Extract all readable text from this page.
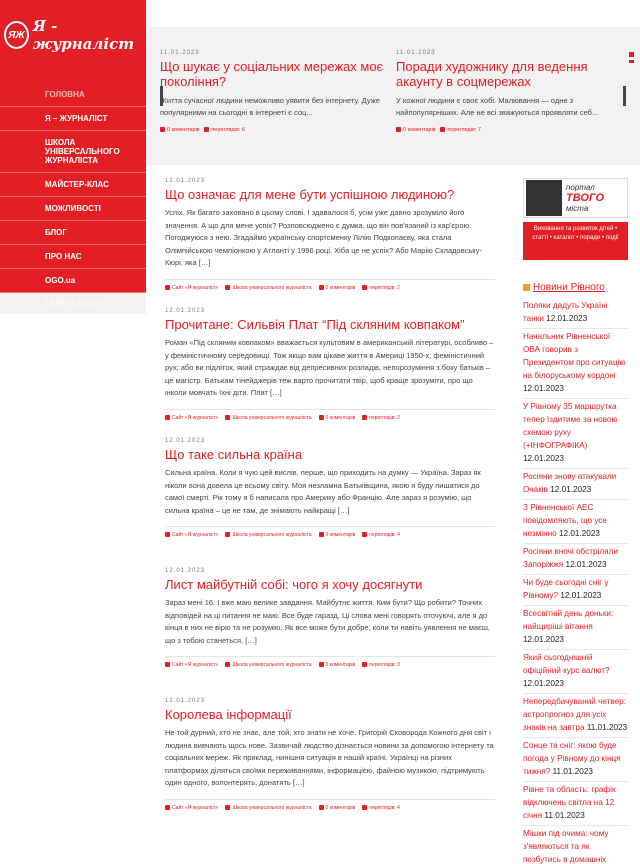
ЯЖ Я - журналіст
ГОЛОВНА
Я – ЖУРНАЛІСТ
ШКОЛА УНІВЕРСАЛЬНОГО ЖУРНАЛІСТА
МАЙСТЕР-КЛАС
МОЖЛИВОСТІ
БЛОГ
ПРО НАС
OGO.ua
ГАЗЕТА «ОГО»
11.01.2023
Що шукає у соціальних мережах моє покоління?
Життя сучасної людини неможливо уявити без інтернету. Дуже популярними на сьогодні в інтернеті є соц...
0 коментарів переглядів: 6
11.01.2023
Поради художнику для ведення акаунту в соцмережах
У кожної людини є своє хобі. Малювання — одне з найпопулярніших. Але не всі зважуються проявляти себ...
0 коментарів переглядів: 7
12.01.2023
Що означає для мене бути успішною людиною?
Успіх. Як багато заховано в цьому слові. І здавалося б, усім уже давно зрозуміло його значення. А що для мене успіх? Розповсюджено є думка, що він пов'язаний із кар'єрою. Погоджуюся з нею. Згадаймо українську спортсменку Лілію Подкопаєву, яка стала Олімпійською чемпіонкою у Атланті у 1996 році. Хіба це не успіх? Або Марію Складовську-Кюрі, яка […]
Сайт «Я журналіст»	Школа універсального журналіста	0 коментарів	переглядів: 2
12.01.2023
Прочитане: Сильвія Плат “Під скляним ковпаком”
Роман «Під скляним ковпаком» вважається культовим в американській літературі, особливо – у феміністичному середовищі. Тож якщо вам цікаве життя в Америці 1950-х, феміністичний рух; або ви підліток, який страждає від депресивних розладів, непорозуміння з боку батьків – це магістр. Батькам тінейджерів теж варто прочитати твір, щоб краще зрозуміти, про що інколи мовчать їхні діти. Плат […]
Сайт «Я журналіст»	Школа універсального журналіста	0 коментарів	переглядів: 2
12.01.2023
Що таке сильна країна
Сильна країна. Коли я чую цей вислів, перше, що приходить на думку — Україна. Зараз як ніколи вона довела це всьому світу. Моя незламна Батьківщина, якою я буду пишатися до самої смерті. Рік тому я б написала про Америку або Францію. Але зараз я розумію, що сильна країна – це не там, де знімають найкращі […]
Сайт «Я журналіст»	Школа універсального журналіста	0 коментарів	переглядів: 4
12.01.2023
Лист майбутній собі: чого я хочу досягнути
Зараз мені 16. І вже маю велике завдання. Майбутнє життя. Ким бути? Що робити? Точних відповідей на ці питання не маю. Все буде гаразд. Ці слова мені говорять оточуючі, але я до кінця в них не вірю та не розумію. Як все може бути добре, коли ти навіть уявлення не маєш, що з тобою станеться, […]
Сайт «Я журналіст»	Школа універсального журналіста	0 коментарів	переглядів: 3
12.01.2023
Королева інформації
Не той дурний, хто не знає, але той, хто знати не хоче. Григорій Сковорода Кожного дня світ і людина вивчають щось нове. Зазвичай людство дізнається новини за допомогою інтернету та соціальних мереж. Як приклад, нинішня ситуація в нашій країні. Українці на різних платформах діляться своїми переживаннями, інформацією, файною музикою, підтримують один одного, волонтерять, донатять […]
Сайт «Я журналіст»	Школа універсального журналіста	0 коментарів	переглядів: 4
портал
ТВОГО
міста
Виховання та розвиток дітей • статті • каталог • поради • події
Новини Рівного
Поляки дадуть Україні танки 12.01.2023
Начальник Рівненської ОВА говорив з Президентом про ситуацію на білоруському кордоні 12.01.2023
У Рівному 35 маршрутка тепер їздитиме за новою схемою руху (+ІНФОГРАФІКА) 12.01.2023
Росіяни знову атакували Очаків 12.01.2023
З Рівненської АЕС повідомляють, що усе незмінно 12.01.2023
Росіяни вночі обстріляли Запоріжжя 12.01.2023
Чи буде сьогодні сніг у Рівному? 12.01.2023
Всесвітній день доньки: найщиріші вітання 12.01.2023
Який сьогоднішній офіційний курс валют? 12.01.2023
Непередбачуваний четвер: астропрогноз для усіх знаків на завтра 11.01.2023
Сонце та сніг: якою буде погода у Рівному до кінця тижня? 11.01.2023
Рівне та область: графік відключень світла на 12 січня 11.01.2023
Мішки під очима: чому з'являються та як позбутись в домашніх
